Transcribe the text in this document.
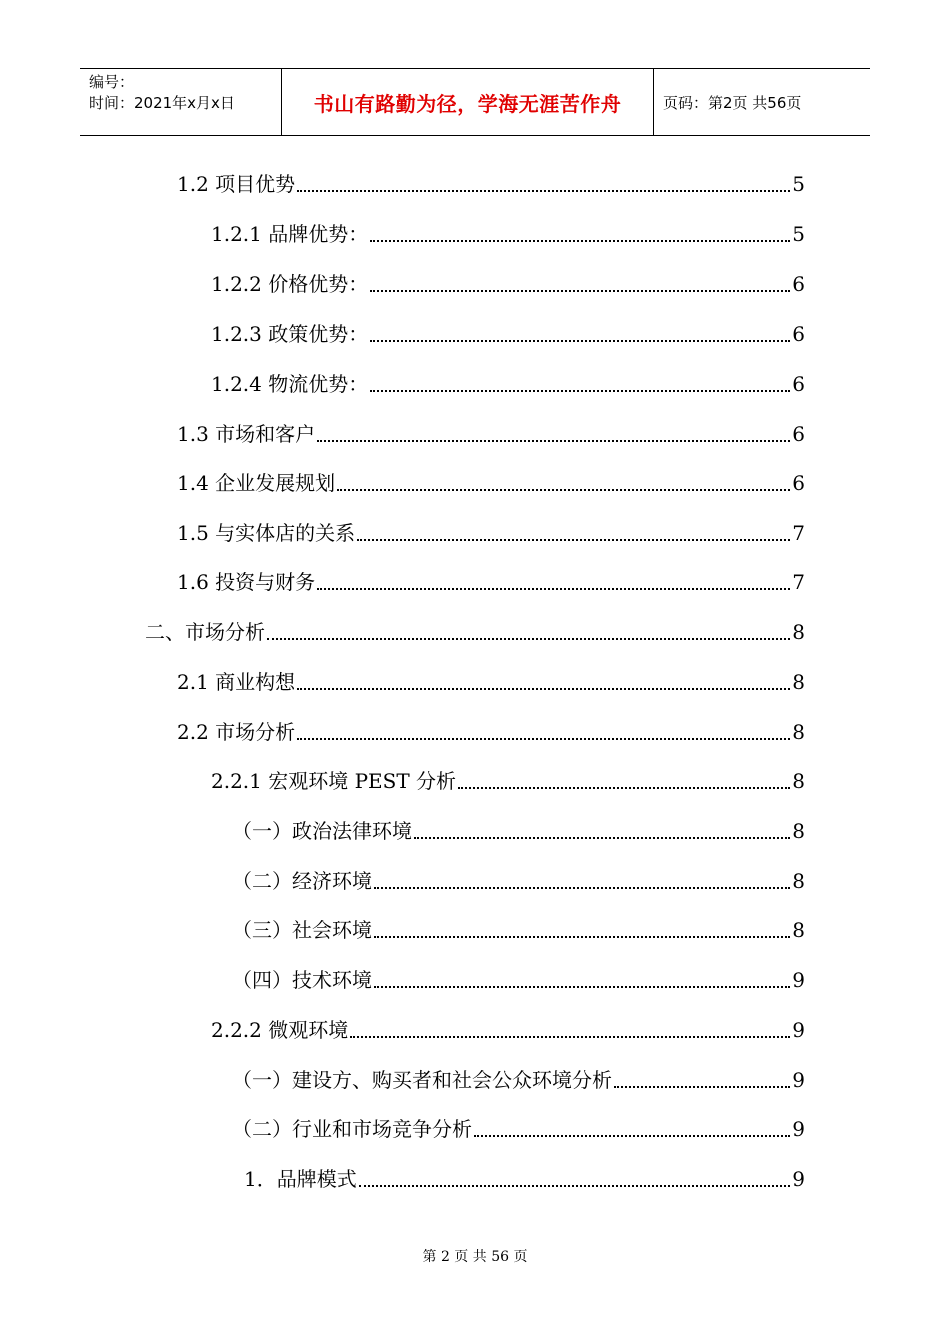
编号：
时间：2021年x月x日	书山有路勤为径，学海无涯苦作舟	页码：第2页 共56页
1.2 项目优势	5
1.2.1 品牌优势：	5
1.2.2 价格优势：	6
1.2.3 政策优势：	6
1.2.4 物流优势：	6
1.3 市场和客户	6
1.4 企业发展规划	6
1.5 与实体店的关系	7
1.6 投资与财务	7
二、市场分析	8
2.1 商业构想	8
2.2 市场分析	8
2.2.1 宏观环境 PEST 分析	8
（一）政治法律环境	8
（二）经济环境	8
（三）社会环境	8
（四）技术环境	9
2.2.2 微观环境	9
（一）建设方、购买者和社会公众环境分析	9
（二）行业和市场竞争分析	9
1．品牌模式	9
第 2 页 共 56 页
